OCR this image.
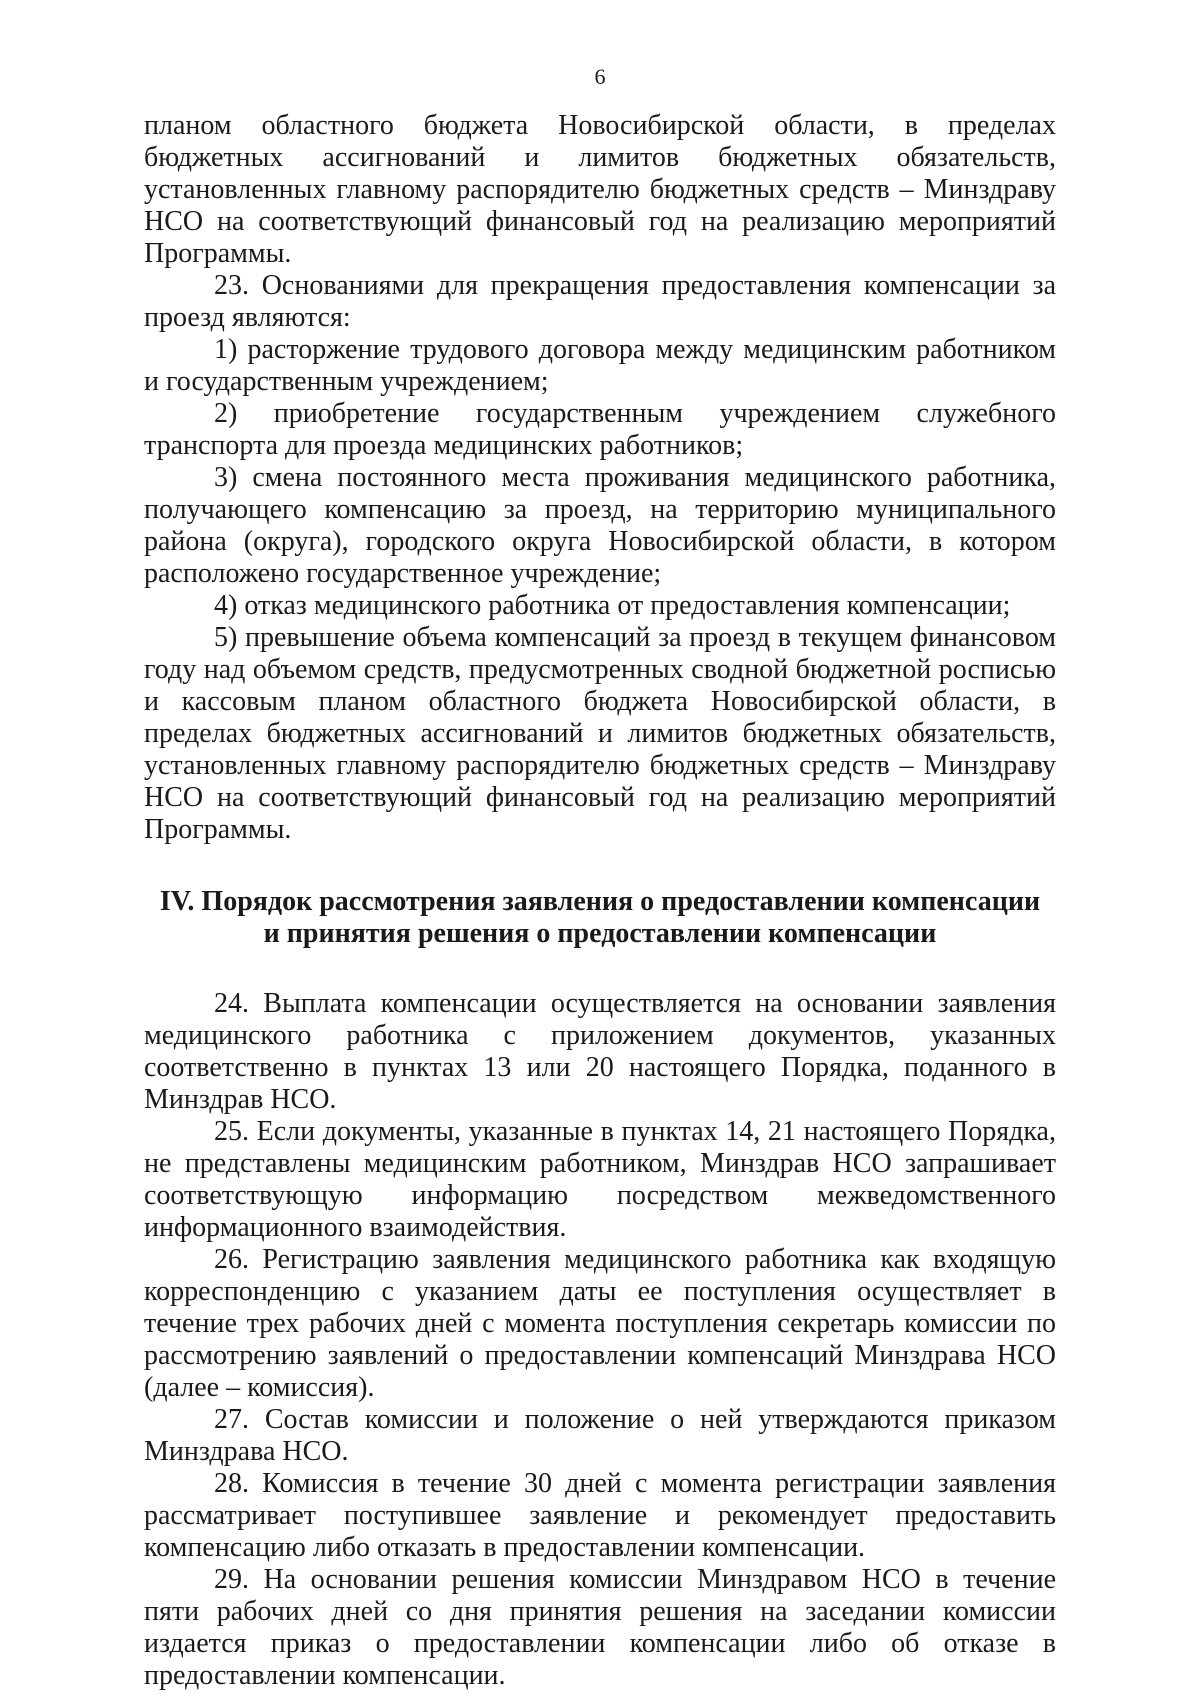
6

планом областного бюджета Новосибирской области, в пределах бюджетных ассигнований и лимитов бюджетных обязательств, установленных главному распорядителю бюджетных средств – Минздраву НСО на соответствующий финансовый год на реализацию мероприятий Программы.

23. Основаниями для прекращения предоставления компенсации за проезд являются:

1) расторжение трудового договора между медицинским работником и государственным учреждением;

2) приобретение государственным учреждением служебного транспорта для проезда медицинских работников;

3) смена постоянного места проживания медицинского работника, получающего компенсацию за проезд, на территорию муниципального района (округа), городского округа Новосибирской области, в котором расположено государственное учреждение;

4) отказ медицинского работника от предоставления компенсации;

5) превышение объема компенсаций за проезд в текущем финансовом году над объемом средств, предусмотренных сводной бюджетной росписью и кассовым планом областного бюджета Новосибирской области, в пределах бюджетных ассигнований и лимитов бюджетных обязательств, установленных главному распорядителю бюджетных средств – Минздраву НСО на соответствующий финансовый год на реализацию мероприятий Программы.

IV. Порядок рассмотрения заявления о предоставлении компенсации
и принятия решения о предоставлении компенсации

24. Выплата компенсации осуществляется на основании заявления медицинского работника с приложением документов, указанных соответственно в пунктах 13 или 20 настоящего Порядка, поданного в Минздрав НСО.

25. Если документы, указанные в пунктах 14, 21 настоящего Порядка, не представлены медицинским работником, Минздрав НСО запрашивает соответствующую информацию посредством межведомственного информационного взаимодействия.

26. Регистрацию заявления медицинского работника как входящую корреспонденцию с указанием даты ее поступления осуществляет в течение трех рабочих дней с момента поступления секретарь комиссии по рассмотрению заявлений о предоставлении компенсаций Минздрава НСО (далее – комиссия).

27. Состав комиссии и положение о ней утверждаются приказом Минздрава НСО.

28. Комиссия в течение 30 дней с момента регистрации заявления рассматривает поступившее заявление и рекомендует предоставить компенсацию либо отказать в предоставлении компенсации.

29. На основании решения комиссии Минздравом НСО в течение пяти рабочих дней со дня принятия решения на заседании комиссии издается приказ о предоставлении компенсации либо об отказе в предоставлении компенсации.
